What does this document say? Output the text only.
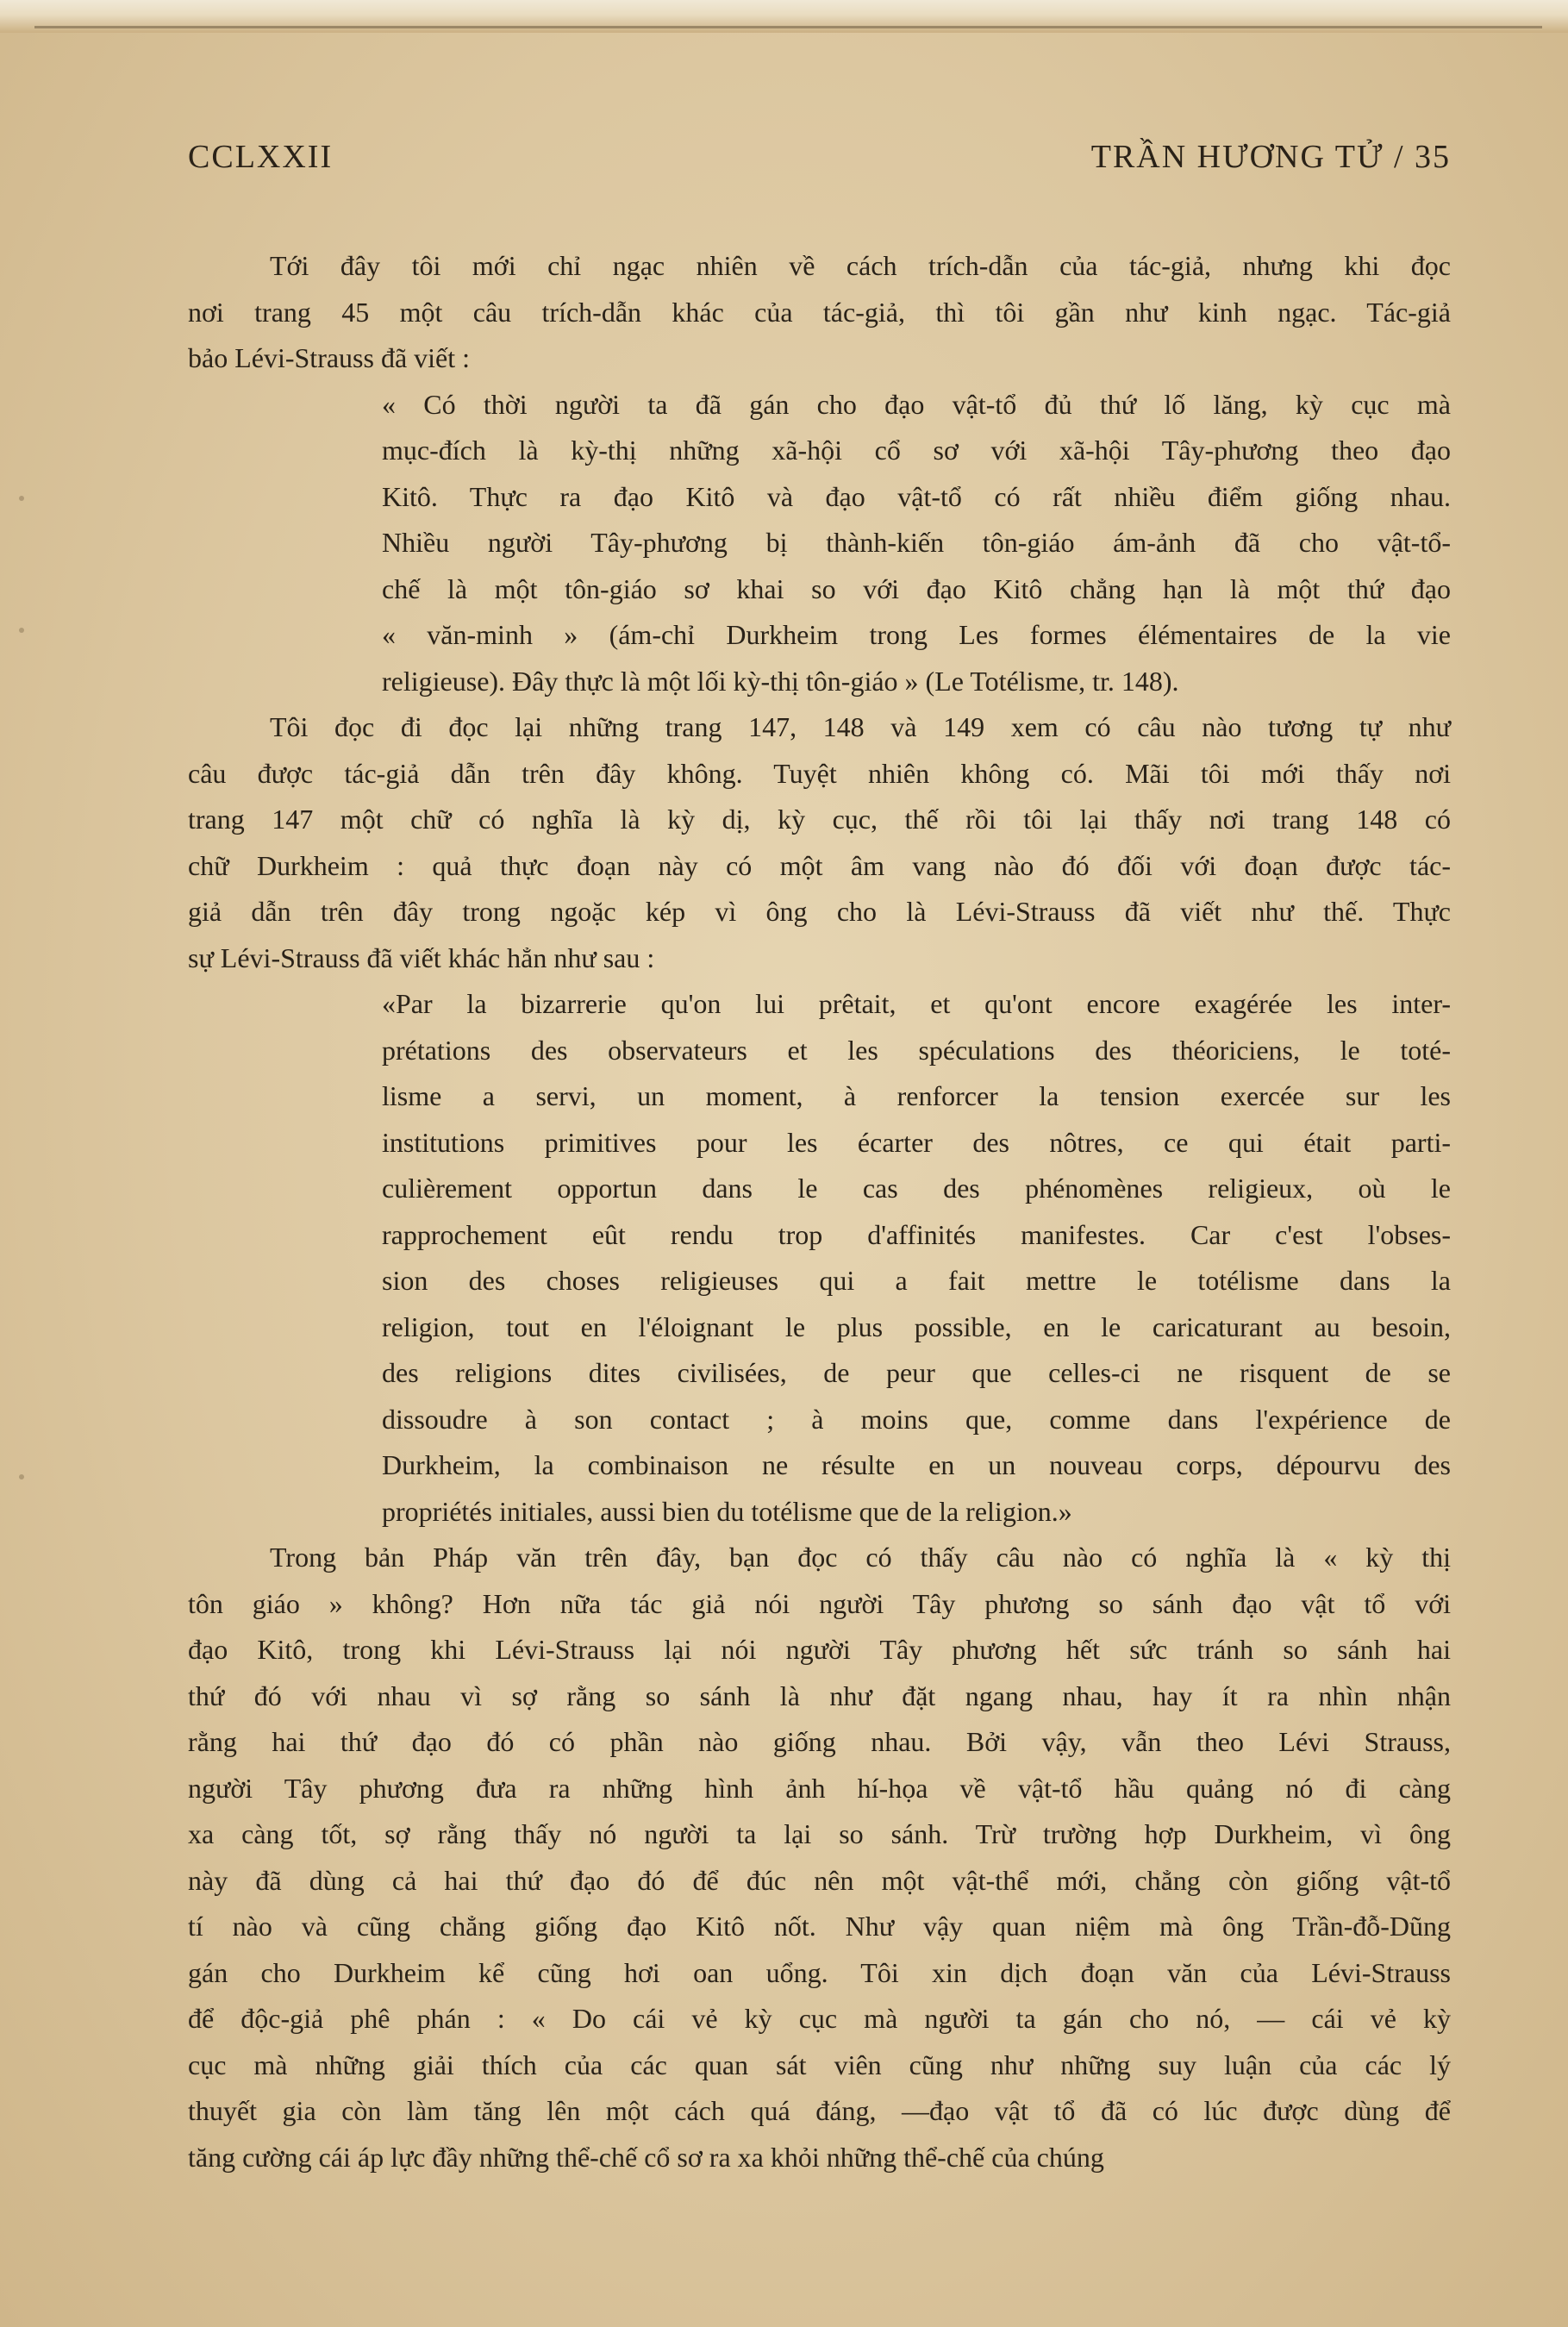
CCLXXII	TRẦN HƯƠNG TỬ / 35
Tới đây tôi mới chỉ ngạc nhiên về cách trích-dẫn của tác-giả, nhưng khi đọc
nơi trang 45 một câu trích-dẫn khác của tác-giả, thì tôi gần như kinh ngạc. Tác-giả
bảo Lévi-Strauss đã viết :
« Có thời người ta đã gán cho đạo vật-tổ đủ thứ lố lăng, kỳ cục mà
mục-đích là kỳ-thị những xã-hội cổ sơ với xã-hội Tây-phương theo đạo
Kitô. Thực ra đạo Kitô và đạo vật-tổ có rất nhiều điểm giống nhau.
Nhiều người Tây-phương bị thành-kiến tôn-giáo ám-ảnh đã cho vật-tổ-
chế là một tôn-giáo sơ khai so với đạo Kitô chẳng hạn là một thứ đạo
« văn-minh » (ám-chỉ Durkheim trong Les formes élémentaires de la vie
religieuse). Đây thực là một lối kỳ-thị tôn-giáo » (Le Totélisme, tr. 148).
Tôi đọc đi đọc lại những trang 147, 148 và 149 xem có câu nào tương tự như
câu được tác-giả dẫn trên đây không. Tuyệt nhiên không có. Mãi tôi mới thấy nơi
trang 147 một chữ có nghĩa là kỳ dị, kỳ cục, thế rồi tôi lại thấy nơi trang 148 có
chữ Durkheim : quả thực đoạn này có một âm vang nào đó đối với đoạn được tác-
giả dẫn trên đây trong ngoặc kép vì ông cho là Lévi-Strauss đã viết như thế. Thực
sự Lévi-Strauss đã viết khác hẳn như sau :
«Par la bizarrerie qu'on lui prêtait, et qu'ont encore exagérée les inter-
prétations des observateurs et les spéculations des théoriciens, le toté-
lisme a servi, un moment, à renforcer la tension exercée sur les
institutions primitives pour les écarter des nôtres, ce qui était parti-
culièrement opportun dans le cas des phénomènes religieux, où le
rapprochement eût rendu trop d'affinités manifestes. Car c'est l'obses-
sion des choses religieuses qui a fait mettre le totélisme dans la
religion, tout en l'éloignant le plus possible, en le caricaturant au besoin,
des religions dites civilisées, de peur que celles-ci ne risquent de se
dissoudre à son contact ; à moins que, comme dans l'expérience de
Durkheim, la combinaison ne résulte en un nouveau corps, dépourvu des
propriétés initiales, aussi bien du totélisme que de la religion.»
Trong bản Pháp văn trên đây, bạn đọc có thấy câu nào có nghĩa là « kỳ thị
tôn giáo » không? Hơn nữa tác giả nói người Tây phương so sánh đạo vật tổ với
đạo Kitô, trong khi Lévi-Strauss lại nói người Tây phương hết sức tránh so sánh hai
thứ đó với nhau vì sợ rằng so sánh là như đặt ngang nhau, hay ít ra nhìn nhận
rằng hai thứ đạo đó có phần nào giống nhau. Bởi vậy, vẫn theo Lévi Strauss,
người Tây phương đưa ra những hình ảnh hí-họa về vật-tổ hầu quảng nó đi càng
xa càng tốt, sợ rằng thấy nó người ta lại so sánh. Trừ trường hợp Durkheim, vì ông
này đã dùng cả hai thứ đạo đó để đúc nên một vật-thể mới, chẳng còn giống vật-tổ
tí nào và cũng chẳng giống đạo Kitô nốt. Như vậy quan niệm mà ông Trần-đỗ-Dũng
gán cho Durkheim kể cũng hơi oan uổng. Tôi xin dịch đoạn văn của Lévi-Strauss
để độc-giả phê phán : « Do cái vẻ kỳ cục mà người ta gán cho nó, — cái vẻ kỳ
cục mà những giải thích của các quan sát viên cũng như những suy luận của các lý
thuyết gia còn làm tăng lên một cách quá đáng, —đạo vật tổ đã có lúc được dùng để
tăng cường cái áp lực đầy những thể-chế cổ sơ ra xa khỏi những thể-chế của chúng
